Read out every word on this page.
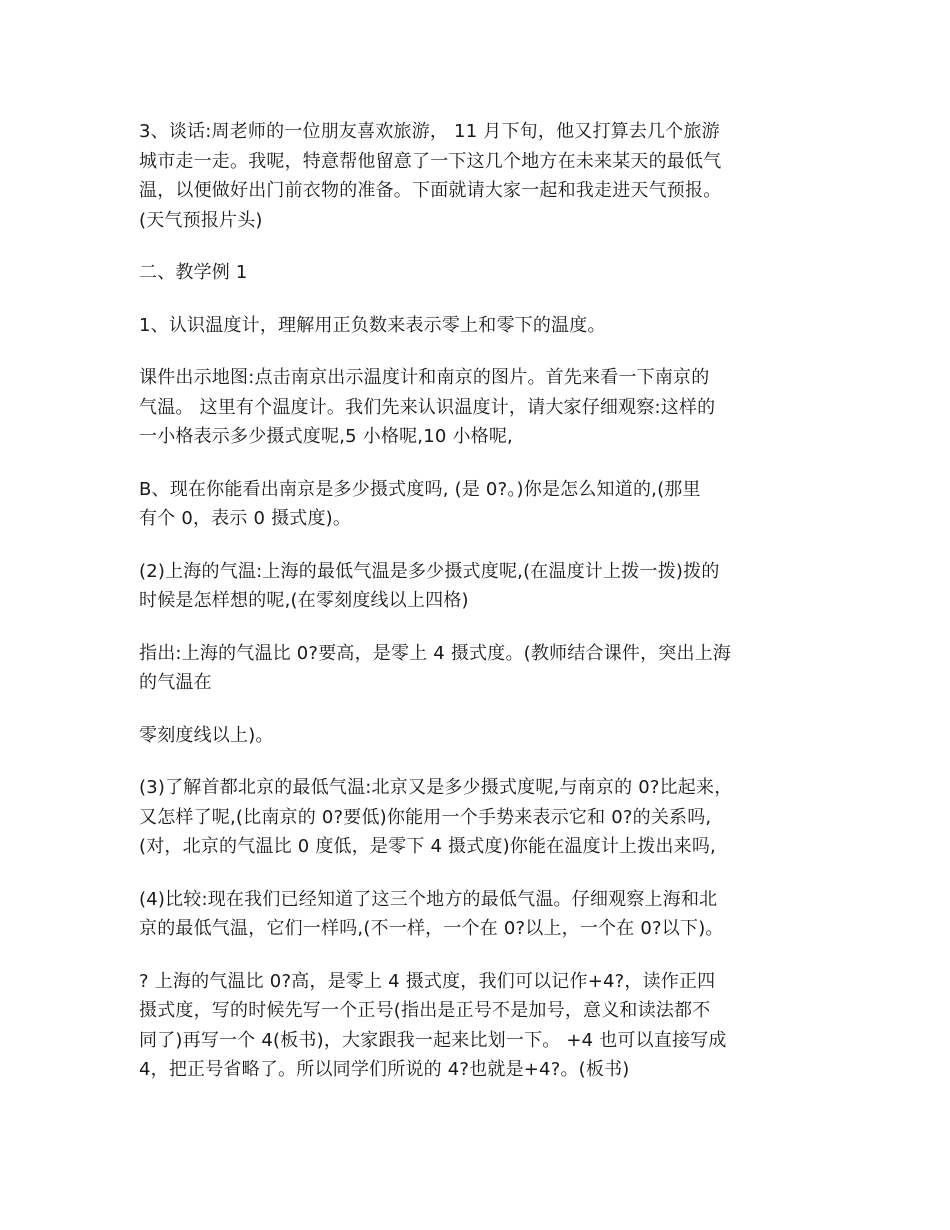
3、谈话:周老师的一位朋友喜欢旅游， 11 月下旬，他又打算去几个旅游
城市走一走。我呢，特意帮他留意了一下这几个地方在未来某天的最低气
温，以便做好出门前衣物的准备。下面就请大家一起和我走进天气预报。
(天气预报片头)

二、教学例 1

1、认识温度计，理解用正负数来表示零上和零下的温度。

课件出示地图:点击南京出示温度计和南京的图片。首先来看一下南京的
气温。 这里有个温度计。我们先来认识温度计，请大家仔细观察:这样的
一小格表示多少摄式度呢,5 小格呢,10 小格呢,

B、现在你能看出南京是多少摄式度吗, (是 0?。)你是怎么知道的,(那里
有个 0，表示 0 摄式度)。

(2)上海的气温:上海的最低气温是多少摄式度呢,(在温度计上拨一拨)拨的
时候是怎样想的呢,(在零刻度线以上四格)

指出:上海的气温比 0?要高，是零上 4 摄式度。(教师结合课件，突出上海
的气温在

零刻度线以上)。

(3)了解首都北京的最低气温:北京又是多少摄式度呢,与南京的 0?比起来，
又怎样了呢,(比南京的 0?要低)你能用一个手势来表示它和 0?的关系吗,
(对，北京的气温比 0 度低，是零下 4 摄式度)你能在温度计上拨出来吗,

(4)比较:现在我们已经知道了这三个地方的最低气温。仔细观察上海和北
京的最低气温，它们一样吗,(不一样，一个在 0?以上，一个在 0?以下)。

? 上海的气温比 0?高，是零上 4 摄式度，我们可以记作+4?，读作正四
摄式度，写的时候先写一个正号(指出是正号不是加号，意义和读法都不
同了)再写一个 4(板书)，大家跟我一起来比划一下。 +4 也可以直接写成
4，把正号省略了。所以同学们所说的 4?也就是+4?。(板书)
